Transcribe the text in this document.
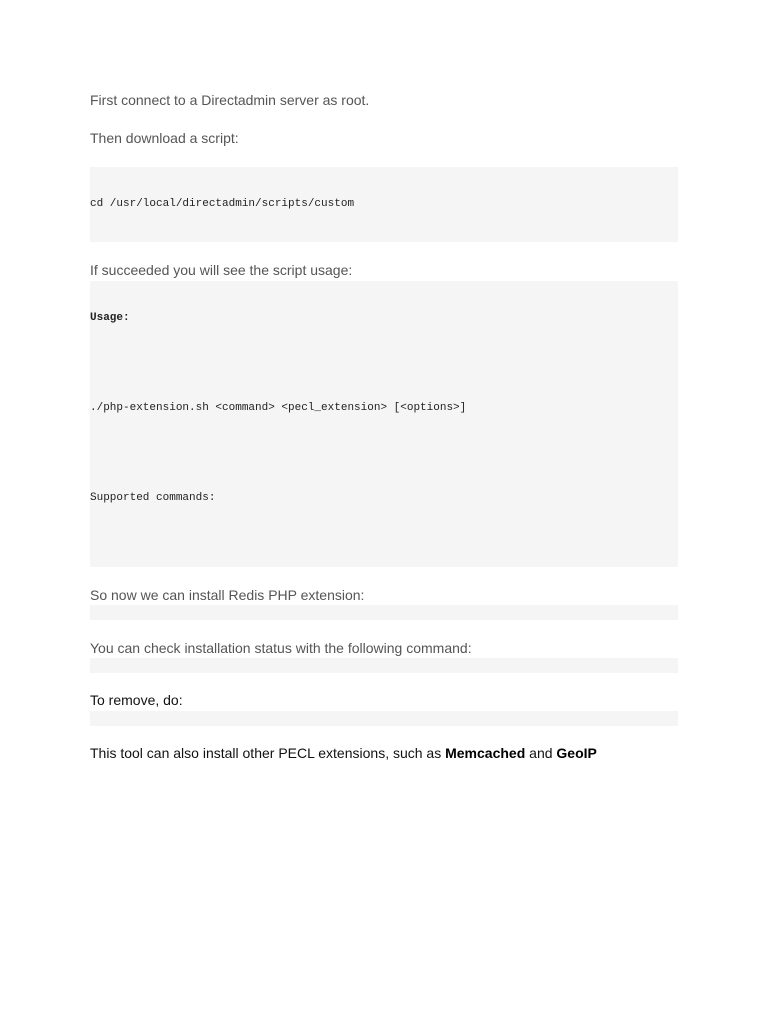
First connect to a Directadmin server as root.
Then download a script:

cd /usr/local/directadmin/scripts/custom

If succeeded you will see the script usage:

Usage:

./php-extension.sh <command> <pecl_extension> [<options>]

Supported commands:

So now we can install Redis PHP extension:

You can check installation status with the following command:

To remove, do:

This tool can also install other PECL extensions, such as Memcached and GeoIP
